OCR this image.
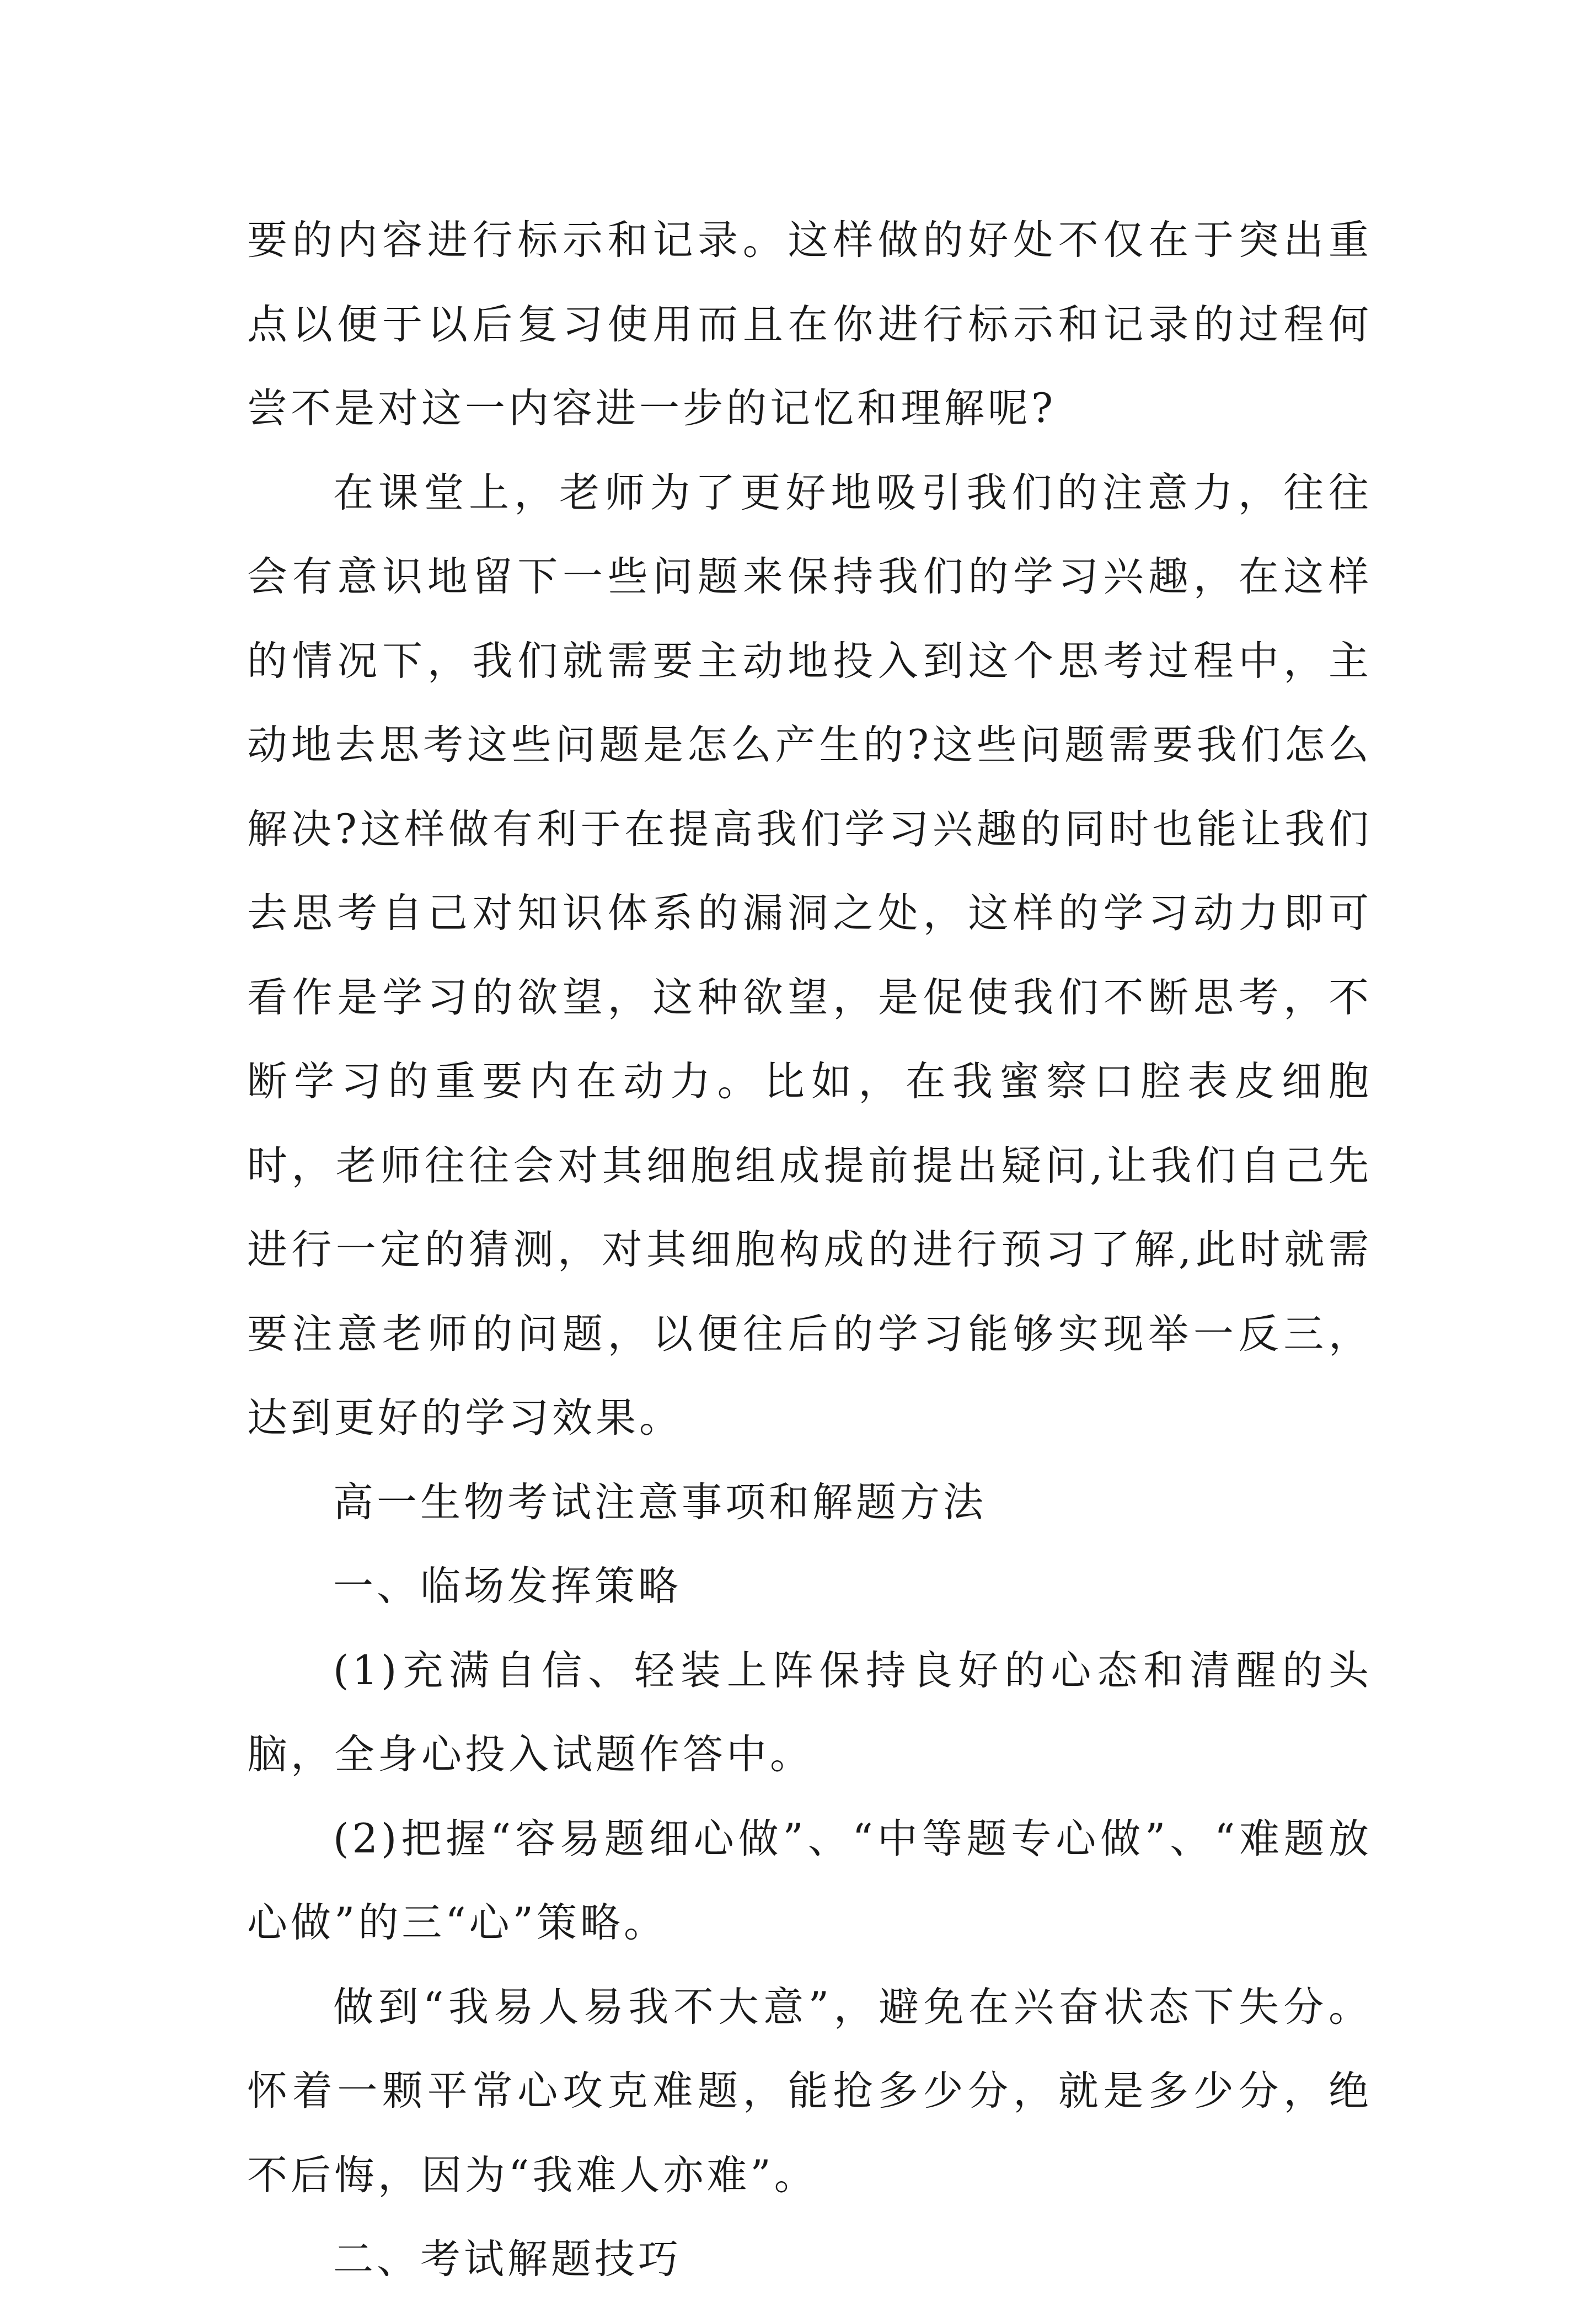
要的内容进行标示和记录。这样做的好处不仅在于突出重点以便于以后复习使用而且在你进行标示和记录的过程何尝不是对这一内容进一步的记忆和理解呢?

在课堂上，老师为了更好地吸引我们的注意力，往往会有意识地留下一些问题来保持我们的学习兴趣，在这样的情况下，我们就需要主动地投入到这个思考过程中，主动地去思考这些问题是怎么产生的?这些问题需要我们怎么解决?这样做有利于在提高我们学习兴趣的同时也能让我们去思考自己对知识体系的漏洞之处，这样的学习动力即可看作是学习的欲望，这种欲望，是促使我们不断思考，不断学习的重要内在动力。比如，在我蜜察口腔表皮细胞时，老师往往会对其细胞组成提前提出疑问,让我们自己先进行一定的猜测，对其细胞构成的进行预习了解,此时就需要注意老师的问题，以便往后的学习能够实现举一反三，达到更好的学习效果。

高一生物考试注意事项和解题方法

一、临场发挥策略

(1)充满自信、轻装上阵保持良好的心态和清醒的头脑，全身心投入试题作答中。

(2)把握“容易题细心做”、“中等题专心做”、“难题放心做”的三“心”策略。

做到“我易人易我不大意”，避免在兴奋状态下失分。怀着一颗平常心攻克难题，能抢多少分，就是多少分，绝不后悔，因为“我难人亦难”。

二、考试解题技巧
